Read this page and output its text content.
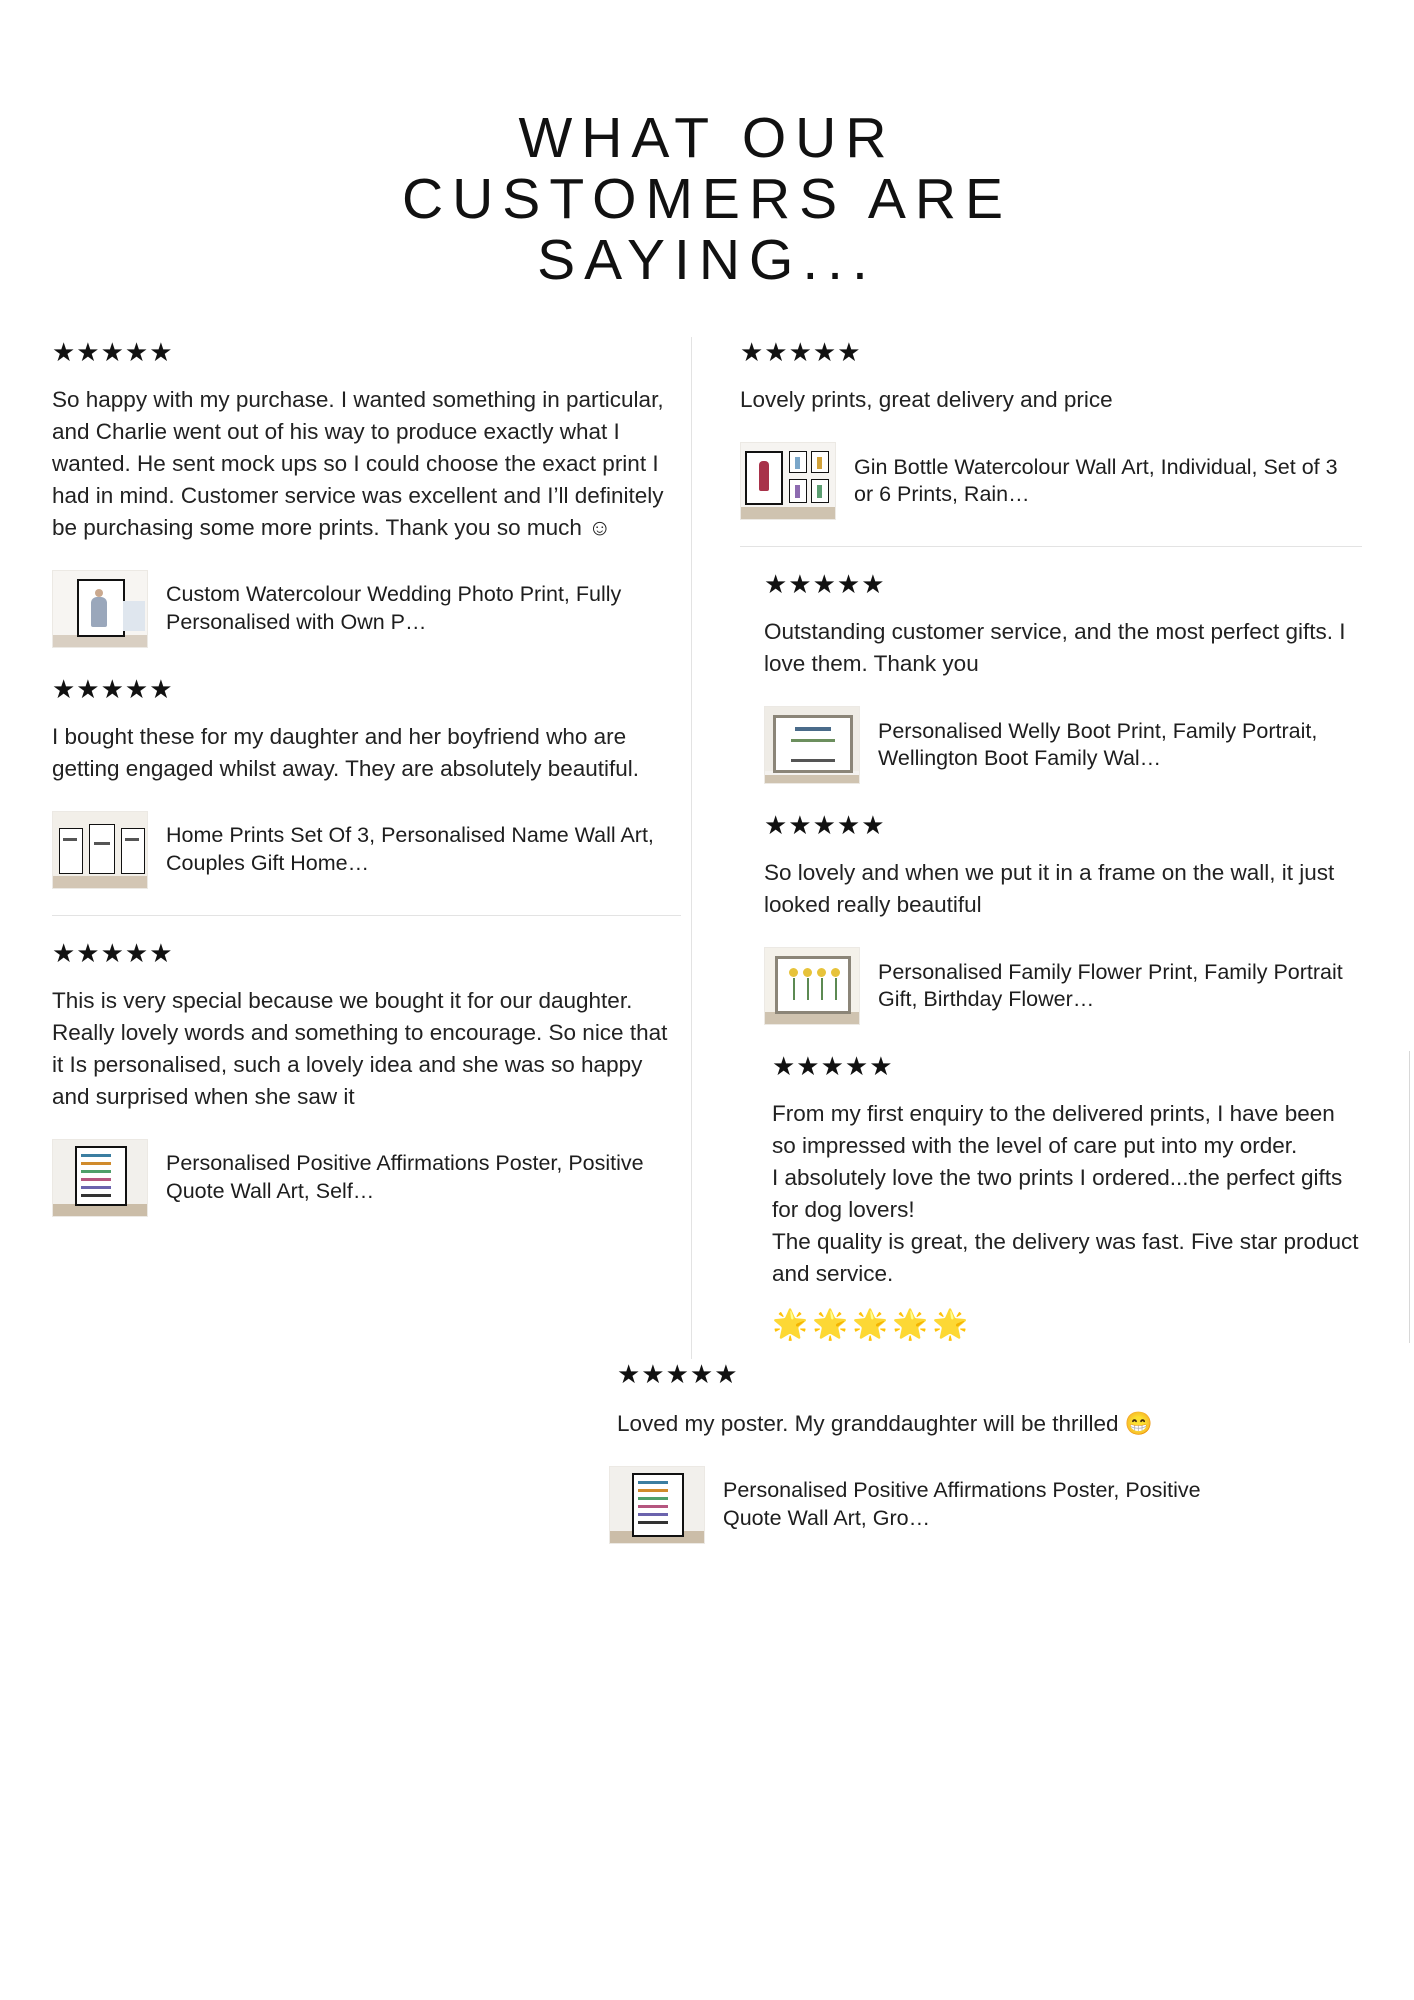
WHAT OUR
CUSTOMERS ARE
SAYING...

★★★★★

So happy with my purchase. I wanted something in particular, and Charlie went out of his way to produce exactly what I wanted. He sent mock ups so I could choose the exact print I had in mind. Customer service was excellent and I’ll definitely be purchasing some more prints. Thank you so much ☺

Custom Watercolour Wedding Photo Print, Fully Personalised with Own P…

★★★★★

I bought these for my daughter and her boyfriend who are getting engaged whilst away. They are absolutely beautiful.

Home Prints Set Of 3, Personalised Name Wall Art, Couples Gift Home…

★★★★★

This is very special because we bought it for our daughter. Really lovely words and something to encourage. So nice that it Is personalised, such a lovely idea and she was so happy and surprised when she saw it

Personalised Positive Affirmations Poster, Positive Quote Wall Art, Self…

★★★★★

Lovely prints, great delivery and price

Gin Bottle Watercolour Wall Art, Individual, Set of 3 or 6 Prints, Rain…

★★★★★

Outstanding customer service, and the most perfect gifts. I love them. Thank you

Personalised Welly Boot Print, Family Portrait, Wellington Boot Family Wal…

★★★★★

So lovely and when we put it in a frame on the wall, it just looked really beautiful

Personalised Family Flower Print, Family Portrait Gift, Birthday Flower…

★★★★★

From my first enquiry to the delivered prints, I have been so impressed with the level of care put into my order.

I absolutely love the two prints I ordered...the perfect gifts for dog lovers!

The quality is great, the delivery was fast. Five star product and service.

🌟🌟🌟🌟🌟

★★★★★

Loved my poster. My granddaughter will be thrilled 😁

Personalised Positive Affirmations Poster, Positive Quote Wall Art, Gro…
